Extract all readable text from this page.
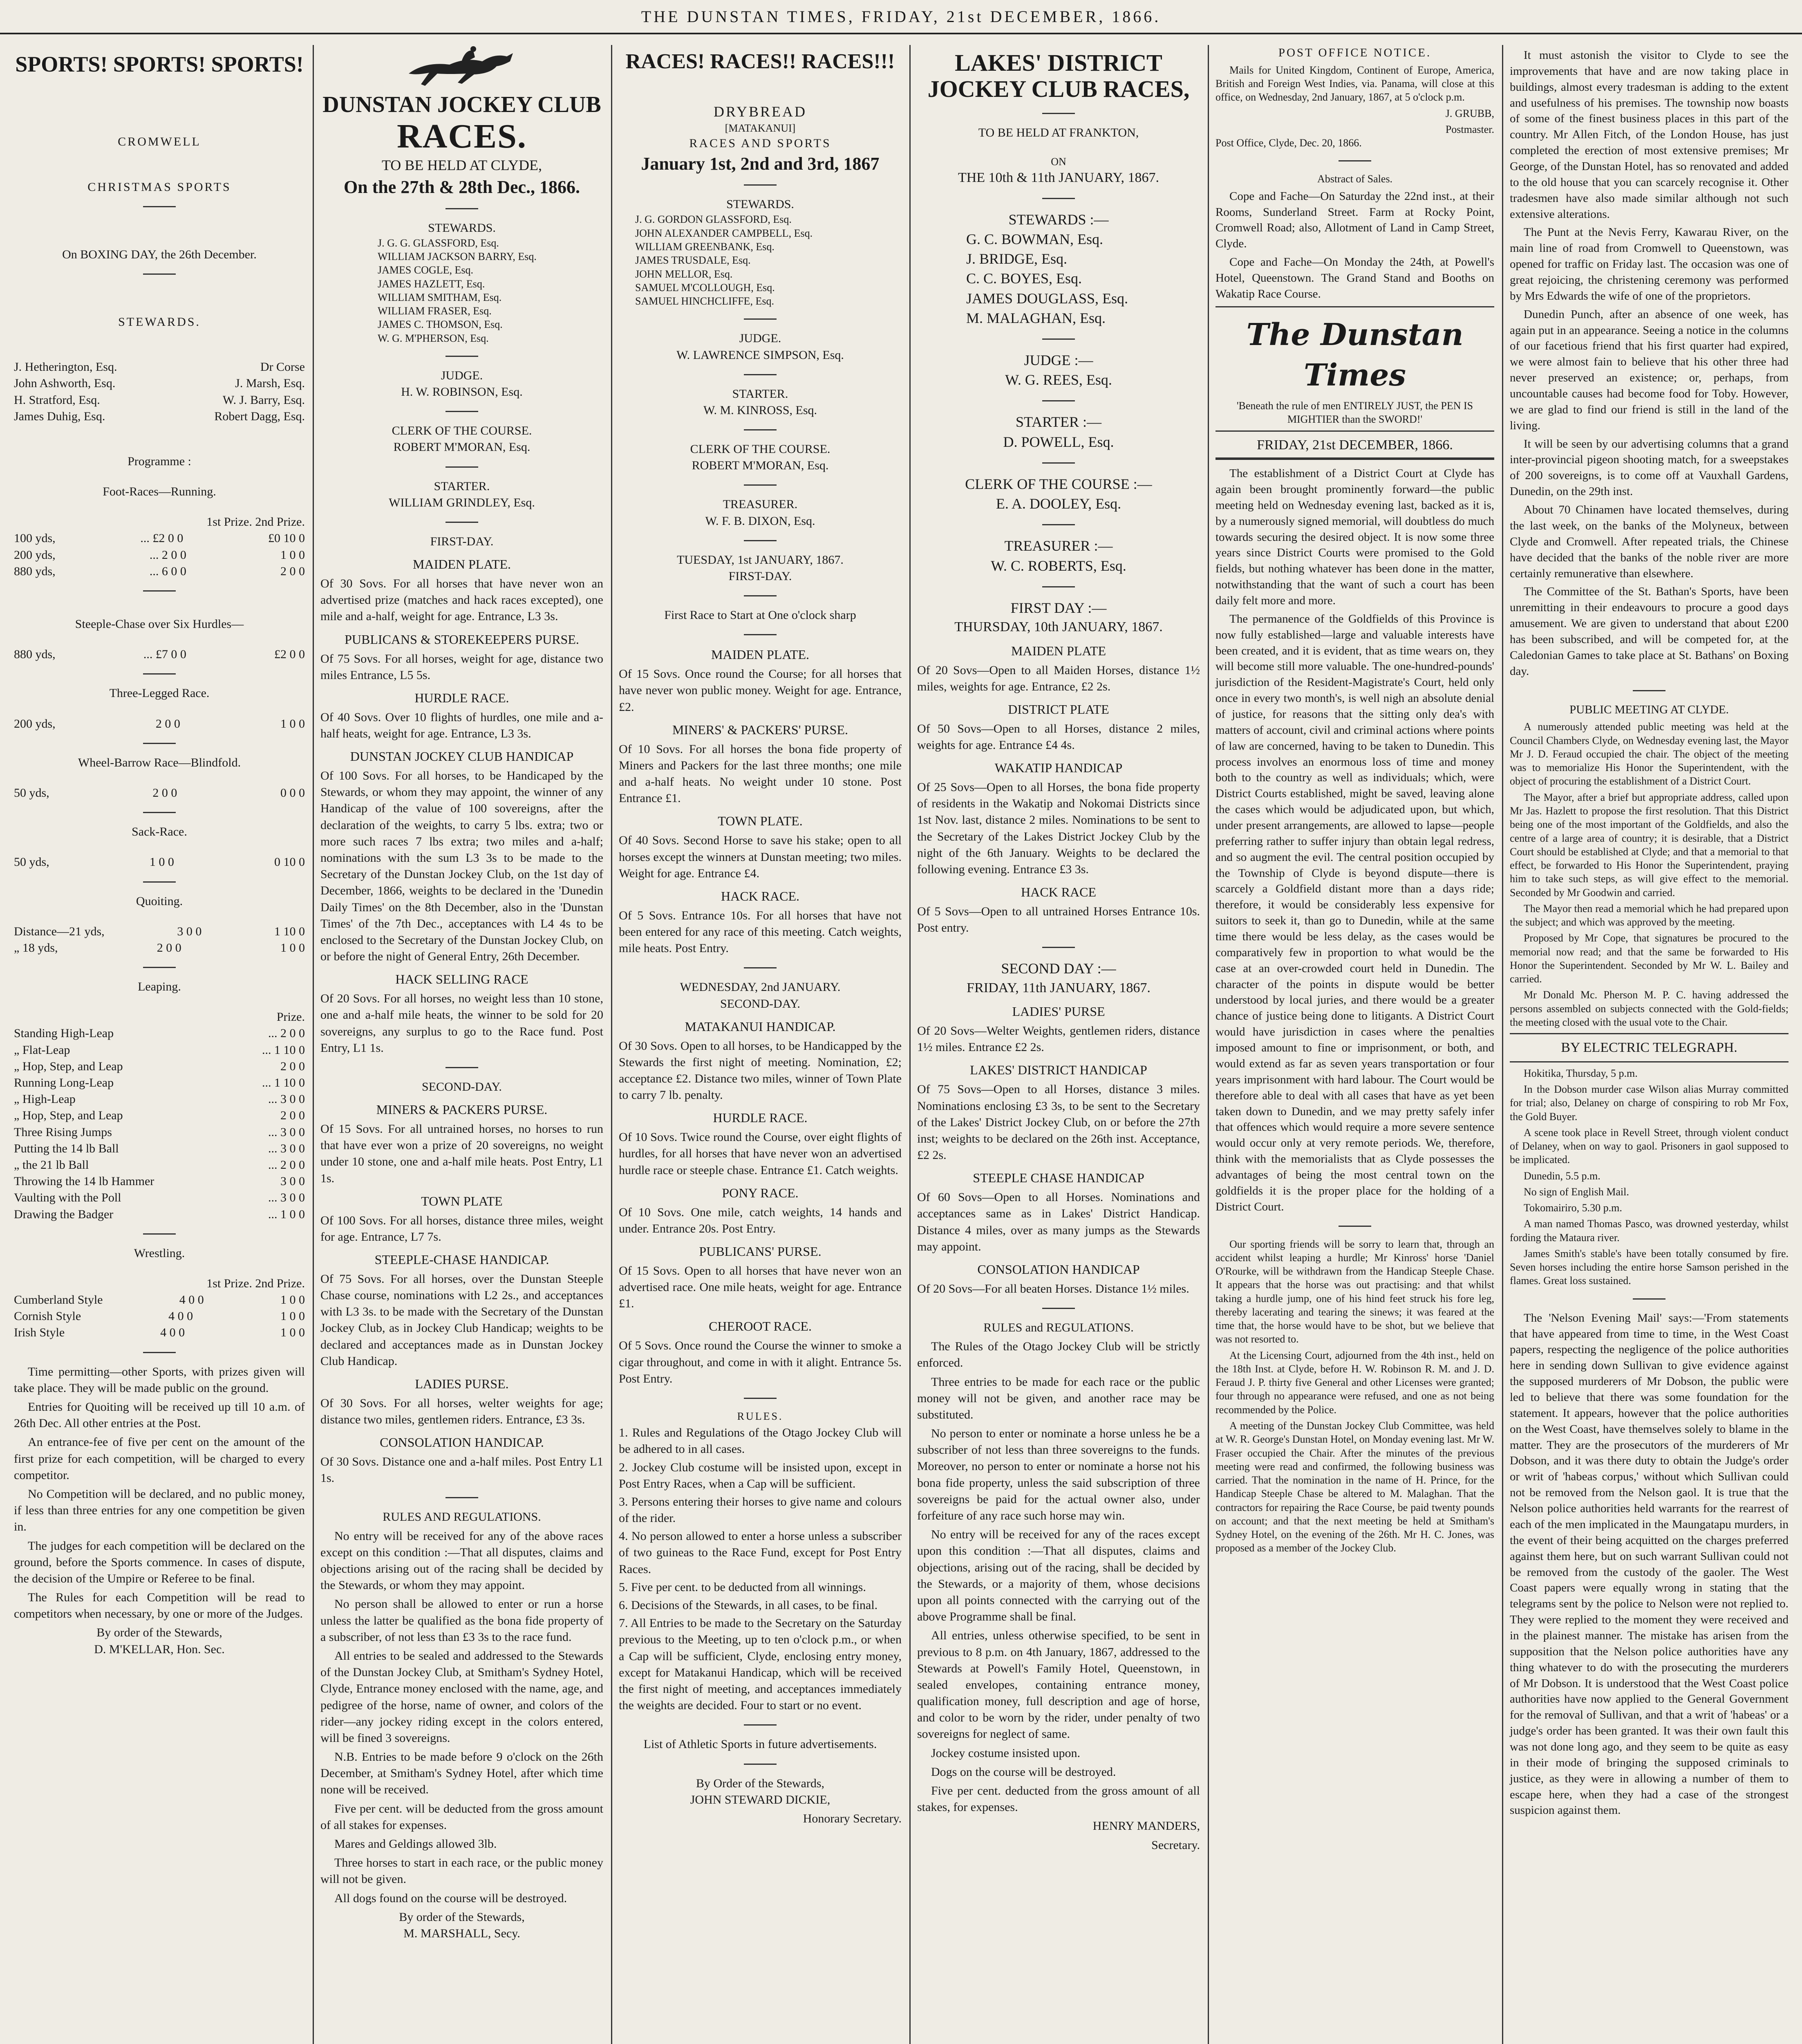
THE DUNSTAN TIMES, FRIDAY, 21st DECEMBER, 1866.
SPORTS! SPORTS! SPORTS!
CROMWELL
CHRISTMAS SPORTS
On BOXING DAY, the 26th December.
STEWARDS.
J. Hetherington, Esq.	Dr Corse
John Ashworth, Esq.	J. Marsh, Esq.
H. Stratford, Esq.	W. J. Barry, Esq.
James Duhig, Esq.	Robert Dagg, Esq.
Programme :
Foot-Races—Running.
1st Prize. 2nd Prize.
100 yds,	... £2 0 0	£0 10 0
200 yds,	... 2 0 0	1 0 0
880 yds,	... 6 0 0	2 0 0
Steeple-Chase over Six Hurdles—
880 yds,	... £7 0 0	£2 0 0
Three-Legged Race.
200 yds,	2 0 0	1 0 0
Wheel-Barrow Race—Blindfold.
50 yds,	2 0 0	0 0 0
Sack-Race.
50 yds,	1 0 0	0 10 0
Quoiting.
Distance—21 yds,	3 0 0	1 10 0
„ 18 yds,	2 0 0	1 0 0
Leaping.
Prize.
Standing High-Leap	... 2 0 0
„ Flat-Leap	... 1 10 0
„ Hop, Step, and Leap	2 0 0
Running Long-Leap	... 1 10 0
„ High-Leap	... 3 0 0
„ Hop, Step, and Leap	2 0 0
Three Rising Jumps	... 3 0 0
Putting the 14 lb Ball	... 3 0 0
„ the 21 lb Ball	... 2 0 0
Throwing the 14 lb Hammer	3 0 0
Vaulting with the Poll	... 3 0 0
Drawing the Badger	... 1 0 0
Wrestling.
1st Prize. 2nd Prize.
Cumberland Style	4 0 0	1 0 0
Cornish Style	4 0 0	1 0 0
Irish Style	4 0 0	1 0 0

Time permitting—other Sports, with prizes given will take place. They will be made public on the ground.

Entries for Quoiting will be received up till 10 a.m. of 26th Dec. All other entries at the Post.

An entrance-fee of five per cent on the amount of the first prize for each competition, will be charged to every competitor.

No Competition will be declared, and no public money, if less than three entries for any one competition be given in.

The judges for each competition will be declared on the ground, before the Sports commence. In cases of dispute, the decision of the Umpire or Referee to be final.

The Rules for each Competition will be read to competitors when necessary, by one or more of the Judges.

By order of the Stewards,
D. M'KELLAR, Hon. Sec.
DUNSTAN JOCKEY CLUB
RACES.
TO BE HELD AT CLYDE,
On the 27th & 28th Dec., 1866.
STEWARDS.
J. G. G. GLASSFORD, Esq.
WILLIAM JACKSON BARRY, Esq.
JAMES COGLE, Esq.
JAMES HAZLETT, Esq.
WILLIAM SMITHAM, Esq.
WILLIAM FRASER, Esq.
JAMES C. THOMSON, Esq.
W. G. M'PHERSON, Esq.
JUDGE.
H. W. ROBINSON, Esq.
CLERK OF THE COURSE.
ROBERT M'MORAN, Esq.
STARTER.
WILLIAM GRINDLEY, Esq.
FIRST-DAY.
MAIDEN PLATE.
Of 30 Sovs. For all horses that have never won an advertised prize (matches and hack races excepted), one mile and a-half, weight for age. Entrance, L3 3s.
PUBLICANS & STOREKEEPERS PURSE.
Of 75 Sovs. For all horses, weight for age, distance two miles Entrance, L5 5s.
HURDLE RACE.
Of 40 Sovs. Over 10 flights of hurdles, one mile and a-half heats, weight for age. Entrance, L3 3s.
DUNSTAN JOCKEY CLUB HANDICAP
Of 100 Sovs. For all horses, to be Handicaped by the Stewards, or whom they may appoint, the winner of any Handicap of the value of 100 sovereigns, after the declaration of the weights, to carry 5 lbs. extra; two or more such races 7 lbs extra; two miles and a-half; nominations with the sum L3 3s to be made to the Secretary of the Dunstan Jockey Club, on the 1st day of December, 1866, weights to be declared in the 'Dunedin Daily Times' on the 8th December, also in the 'Dunstan Times' of the 7th Dec., acceptances with L4 4s to be enclosed to the Secretary of the Dunstan Jockey Club, on or before the night of General Entry, 26th December.
HACK SELLING RACE
Of 20 Sovs. For all horses, no weight less than 10 stone, one and a-half mile heats, the winner to be sold for 20 sovereigns, any surplus to go to the Race fund. Post Entry, L1 1s.
SECOND-DAY.
MINERS & PACKERS PURSE.
Of 15 Sovs. For all untrained horses, no horses to run that have ever won a prize of 20 sovereigns, no weight under 10 stone, one and a-half mile heats. Post Entry, L1 1s.
TOWN PLATE
Of 100 Sovs. For all horses, distance three miles, weight for age. Entrance, L7 7s.
STEEPLE-CHASE HANDICAP.
Of 75 Sovs. For all horses, over the Dunstan Steeple Chase course, nominations with L2 2s., and acceptances with L3 3s. to be made with the Secretary of the Dunstan Jockey Club, as in Jockey Club Handicap; weights to be declared and acceptances made as in Dunstan Jockey Club Handicap.
LADIES PURSE.
Of 30 Sovs. For all horses, welter weights for age; distance two miles, gentlemen riders. Entrance, £3 3s.
CONSOLATION HANDICAP.
Of 30 Sovs. Distance one and a-half miles. Post Entry L1 1s.
RULES AND REGULATIONS.

No entry will be received for any of the above races except on this condition :—That all disputes, claims and objections arising out of the racing shall be decided by the Stewards, or whom they may appoint.

No person shall be allowed to enter or run a horse unless the latter be qualified as the bona fide property of a subscriber, of not less than £3 3s to the race fund.

All entries to be sealed and addressed to the Stewards of the Dunstan Jockey Club, at Smitham's Sydney Hotel, Clyde, Entrance money enclosed with the name, age, and pedigree of the horse, name of owner, and colors of the rider—any jockey riding except in the colors entered, will be fined 3 sovereigns.

N.B. Entries to be made before 9 o'clock on the 26th December, at Smitham's Sydney Hotel, after which time none will be received.

Five per cent. will be deducted from the gross amount of all stakes for expenses.

Mares and Geldings allowed 3lb.

Three horses to start in each race, or the public money will not be given.

All dogs found on the course will be destroyed.

By order of the Stewards,
M. MARSHALL, Secy.
RACES! RACES!! RACES!!!
DRYBREAD
[MATAKANUI]
RACES AND SPORTS
January 1st, 2nd and 3rd, 1867
STEWARDS.
J. G. GORDON GLASSFORD, Esq.
JOHN ALEXANDER CAMPBELL, Esq.
WILLIAM GREENBANK, Esq.
JAMES TRUSDALE, Esq.
JOHN MELLOR, Esq.
SAMUEL M'COLLOUGH, Esq.
SAMUEL HINCHCLIFFE, Esq.
JUDGE.
W. LAWRENCE SIMPSON, Esq.
STARTER.
W. M. KINROSS, Esq.
CLERK OF THE COURSE.
ROBERT M'MORAN, Esq.
TREASURER.
W. F. B. DIXON, Esq.
TUESDAY, 1st JANUARY, 1867.
FIRST-DAY.
First Race to Start at One o'clock sharp
MAIDEN PLATE.
Of 15 Sovs. Once round the Course; for all horses that have never won public money. Weight for age. Entrance, £2.
MINERS' & PACKERS' PURSE.
Of 10 Sovs. For all horses the bona fide property of Miners and Packers for the last three months; one mile and a-half heats. No weight under 10 stone. Post Entrance £1.
TOWN PLATE.
Of 40 Sovs. Second Horse to save his stake; open to all horses except the winners at Dunstan meeting; two miles. Weight for age. Entrance £4.
HACK RACE.
Of 5 Sovs. Entrance 10s. For all horses that have not been entered for any race of this meeting. Catch weights, mile heats. Post Entry.
WEDNESDAY, 2nd JANUARY.
SECOND-DAY.
MATAKANUI HANDICAP.
Of 30 Sovs. Open to all horses, to be Handicapped by the Stewards the first night of meeting. Nomination, £2; acceptance £2. Distance two miles, winner of Town Plate to carry 7 lb. penalty.
HURDLE RACE.
Of 10 Sovs. Twice round the Course, over eight flights of hurdles, for all horses that have never won an advertised hurdle race or steeple chase. Entrance £1. Catch weights.
PONY RACE.
Of 10 Sovs. One mile, catch weights, 14 hands and under. Entrance 20s. Post Entry.
PUBLICANS' PURSE.
Of 15 Sovs. Open to all horses that have never won an advertised race. One mile heats, weight for age. Entrance £1.
CHEROOT RACE.
Of 5 Sovs. Once round the Course the winner to smoke a cigar throughout, and come in with it alight. Entrance 5s. Post Entry.
RULES.
1. Rules and Regulations of the Otago Jockey Club will be adhered to in all cases.
2. Jockey Club costume will be insisted upon, except in Post Entry Races, when a Cap will be sufficient.
3. Persons entering their horses to give name and colours of the rider.
4. No person allowed to enter a horse unless a subscriber of two guineas to the Race Fund, except for Post Entry Races.
5. Five per cent. to be deducted from all winnings.
6. Decisions of the Stewards, in all cases, to be final.
7. All Entries to be made to the Secretary on the Saturday previous to the Meeting, up to ten o'clock p.m., or when a Cap will be sufficient, Clyde, enclosing entry money, except for Matakanui Handicap, which will be received the first night of meeting, and acceptances immediately the weights are decided. Four to start or no event.
List of Athletic Sports in future advertisements.
By Order of the Stewards,
JOHN STEWARD DICKIE,
Honorary Secretary.
LAKES' DISTRICT JOCKEY CLUB RACES,
TO BE HELD AT FRANKTON,
ON
THE 10th & 11th JANUARY, 1867.
STEWARDS :—
G. C. BOWMAN, Esq.
J. BRIDGE, Esq.
C. C. BOYES, Esq.
JAMES DOUGLASS, Esq.
M. MALAGHAN, Esq.
JUDGE :—
W. G. REES, Esq.
STARTER :—
D. POWELL, Esq.
CLERK OF THE COURSE :—
E. A. DOOLEY, Esq.
TREASURER :—
W. C. ROBERTS, Esq.
FIRST DAY :—
THURSDAY, 10th JANUARY, 1867.
MAIDEN PLATE
Of 20 Sovs—Open to all Maiden Horses, distance 1½ miles, weights for age. Entrance, £2 2s.
DISTRICT PLATE
Of 50 Sovs—Open to all Horses, distance 2 miles, weights for age. Entrance £4 4s.
WAKATIP HANDICAP
Of 25 Sovs—Open to all Horses, the bona fide property of residents in the Wakatip and Nokomai Districts since 1st Nov. last, distance 2 miles. Nominations to be sent to the Secretary of the Lakes District Jockey Club by the night of the 6th January. Weights to be declared the following evening. Entrance £3 3s.
HACK RACE
Of 5 Sovs—Open to all untrained Horses Entrance 10s. Post entry.
SECOND DAY :—
FRIDAY, 11th JANUARY, 1867.
LADIES' PURSE
Of 20 Sovs—Welter Weights, gentlemen riders, distance 1½ miles. Entrance £2 2s.
LAKES' DISTRICT HANDICAP
Of 75 Sovs—Open to all Horses, distance 3 miles. Nominations enclosing £3 3s, to be sent to the Secretary of the Lakes' District Jockey Club, on or before the 27th inst; weights to be declared on the 26th inst. Acceptance, £2 2s.
STEEPLE CHASE HANDICAP
Of 60 Sovs—Open to all Horses. Nominations and acceptances same as in Lakes' District Handicap. Distance 4 miles, over as many jumps as the Stewards may appoint.
CONSOLATION HANDICAP
Of 20 Sovs—For all beaten Horses. Distance 1½ miles.
RULES and REGULATIONS.

The Rules of the Otago Jockey Club will be strictly enforced.

Three entries to be made for each race or the public money will not be given, and another race may be substituted.

No person to enter or nominate a horse unless he be a subscriber of not less than three sovereigns to the funds. Moreover, no person to enter or nominate a horse not his bona fide property, unless the said subscription of three sovereigns be paid for the actual owner also, under forfeiture of any race such horse may win.

No entry will be received for any of the races except upon this condition :—That all disputes, claims and objections, arising out of the racing, shall be decided by the Stewards, or a majority of them, whose decisions upon all points connected with the carrying out of the above Programme shall be final.

All entries, unless otherwise specified, to be sent in previous to 8 p.m. on 4th January, 1867, addressed to the Stewards at Powell's Family Hotel, Queenstown, in sealed envelopes, containing entrance money, qualification money, full description and age of horse, and color to be worn by the rider, under penalty of two sovereigns for neglect of same.

Jockey costume insisted upon.

Dogs on the course will be destroyed.

Five per cent. deducted from the gross amount of all stakes, for expenses.

HENRY MANDERS,
Secretary.
POST OFFICE NOTICE.

Mails for United Kingdom, Continent of Europe, America, British and Foreign West Indies, via. Panama, will close at this office, on Wednesday, 2nd January, 1867, at 5 o'clock p.m.

J. GRUBB,
Postmaster.
Post Office, Clyde, Dec. 20, 1866.
Abstract of Sales.

Cope and Fache—On Saturday the 22nd inst., at their Rooms, Sunderland Street. Farm at Rocky Point, Cromwell Road; also, Allotment of Land in Camp Street, Clyde.

Cope and Fache—On Monday the 24th, at Powell's Hotel, Queenstown. The Grand Stand and Booths on Wakatip Race Course.

The Dunstan Times
'Beneath the rule of men ENTIRELY JUST, the PEN IS MIGHTIER than the SWORD!'
FRIDAY, 21st DECEMBER, 1866.

The establishment of a District Court at Clyde has again been brought prominently forward—the public meeting held on Wednesday evening last, backed as it is, by a numerously signed memorial, will doubtless do much towards securing the desired object. It is now some three years since District Courts were promised to the Gold fields, but nothing whatever has been done in the matter, notwithstanding that the want of such a court has been daily felt more and more.

The permanence of the Goldfields of this Province is now fully established—large and valuable interests have been created, and it is evident, that as time wears on, they will become still more valuable. The one-hundred-pounds' jurisdiction of the Resident-Magistrate's Court, held only once in every two month's, is well nigh an absolute denial of justice, for reasons that the sitting only dea's with matters of account, civil and criminal actions where points of law are concerned, having to be taken to Dunedin. This process involves an enormous loss of time and money both to the country as well as individuals; which, were District Courts established, might be saved, leaving alone the cases which would be adjudicated upon, but which, under present arrangements, are allowed to lapse—people preferring rather to suffer injury than obtain legal redress, and so augment the evil. The central position occupied by the Township of Clyde is beyond dispute—there is scarcely a Goldfield distant more than a days ride; therefore, it would be considerably less expensive for suitors to seek it, than go to Dunedin, while at the same time there would be less delay, as the cases would be comparatively few in proportion to what would be the case at an over-crowded court held in Dunedin. The character of the points in dispute would be better understood by local juries, and there would be a greater chance of justice being done to litigants. A District Court would have jurisdiction in cases where the penalties imposed amount to fine or imprisonment, or both, and would extend as far as seven years transportation or four years imprisonment with hard labour. The Court would be therefore able to deal with all cases that have as yet been taken down to Dunedin, and we may pretty safely infer that offences which would require a more severe sentence would occur only at very remote periods. We, therefore, think with the memorialists that as Clyde possesses the advantages of being the most central town on the goldfields it is the proper place for the holding of a District Court.

Our sporting friends will be sorry to learn that, through an accident whilst leaping a hurdle; Mr Kinross' horse 'Daniel O'Rourke, will be withdrawn from the Handicap Steeple Chase. It appears that the horse was out practising: and that whilst taking a hurdle jump, one of his hind feet struck his fore leg, thereby lacerating and tearing the sinews; it was feared at the time that, the horse would have to be shot, but we believe that was not resorted to.

At the Licensing Court, adjourned from the 4th inst., held on the 18th Inst. at Clyde, before H. W. Robinson R. M. and J. D. Feraud J. P. thirty five General and other Licenses were granted; four through no appearance were refused, and one as not being recommended by the Police.

A meeting of the Dunstan Jockey Club Committee, was held at W. R. George's Dunstan Hotel, on Monday evening last. Mr W. Fraser occupied the Chair. After the minutes of the previous meeting were read and confirmed, the following business was carried. That the nomination in the name of H. Prince, for the Handicap Steeple Chase be altered to M. Malaghan. That the contractors for repairing the Race Course, be paid twenty pounds on account; and that the next meeting be held at Smitham's Sydney Hotel, on the evening of the 26th. Mr H. C. Jones, was proposed as a member of the Jockey Club.

It must astonish the visitor to Clyde to see the improvements that have and are now taking place in buildings, almost every tradesman is adding to the extent and usefulness of his premises. The township now boasts of some of the finest business places in this part of the country. Mr Allen Fitch, of the London House, has just completed the erection of most extensive premises; Mr George, of the Dunstan Hotel, has so renovated and added to the old house that you can scarcely recognise it. Other tradesmen have also made similar although not such extensive alterations.

The Punt at the Nevis Ferry, Kawarau River, on the main line of road from Cromwell to Queenstown, was opened for traffic on Friday last. The occasion was one of great rejoicing, the christening ceremony was performed by Mrs Edwards the wife of one of the proprietors.

Dunedin Punch, after an absence of one week, has again put in an appearance. Seeing a notice in the columns of our facetious friend that his first quarter had expired, we were almost fain to believe that his other three had never preserved an existence; or, perhaps, from uncountable causes had become food for Toby. However, we are glad to find our friend is still in the land of the living.

It will be seen by our advertising columns that a grand inter-provincial pigeon shooting match, for a sweepstakes of 200 sovereigns, is to come off at Vauxhall Gardens, Dunedin, on the 29th inst.

About 70 Chinamen have located themselves, during the last week, on the banks of the Molyneux, between Clyde and Cromwell. After repeated trials, the Chinese have decided that the banks of the noble river are more certainly remunerative than elsewhere.

The Committee of the St. Bathan's Sports, have been unremitting in their endeavours to procure a good days amusement. We are given to understand that about £200 has been subscribed, and will be competed for, at the Caledonian Games to take place at St. Bathans' on Boxing day.

PUBLIC MEETING AT CLYDE.

A numerously attended public meeting was held at the Council Chambers Clyde, on Wednesday evening last, the Mayor Mr J. D. Feraud occupied the chair. The object of the meeting was to memorialize His Honor the Superintendent, with the object of procuring the establishment of a District Court.

The Mayor, after a brief but appropriate address, called upon Mr Jas. Hazlett to propose the first resolution. That this District being one of the most important of the Goldfields, and also the centre of a large area of country; it is desirable, that a District Court should be established at Clyde; and that a memorial to that effect, be forwarded to His Honor the Superintendent, praying him to take such steps, as will give effect to the memorial. Seconded by Mr Goodwin and carried.

The Mayor then read a memorial which he had prepared upon the subject; and which was approved by the meeting.

Proposed by Mr Cope, that signatures be procured to the memorial now read; and that the same be forwarded to His Honor the Superintendent. Seconded by Mr W. L. Bailey and carried.

Mr Donald Mc. Pherson M. P. C. having addressed the persons assembled on subjects connected with the Gold-fields; the meeting closed with the usual vote to the Chair.

BY ELECTRIC TELEGRAPH.

Hokitika, Thursday, 5 p.m.

In the Dobson murder case Wilson alias Murray committed for trial; also, Delaney on charge of conspiring to rob Mr Fox, the Gold Buyer.

A scene took place in Revell Street, through violent conduct of Delaney, when on way to gaol. Prisoners in gaol supposed to be implicated.

Dunedin, 5.5 p.m.

No sign of English Mail.

Tokomairiro, 5.30 p.m.

A man named Thomas Pasco, was drowned yesterday, whilst fording the Mataura river.

James Smith's stable's have been totally consumed by fire. Seven horses including the entire horse Samson perished in the flames. Great loss sustained.

The 'Nelson Evening Mail' says:—'From statements that have appeared from time to time, in the West Coast papers, respecting the negligence of the police authorities here in sending down Sullivan to give evidence against the supposed murderers of Mr Dobson, the public were led to believe that there was some foundation for the statement. It appears, however that the police authorities on the West Coast, have themselves solely to blame in the matter. They are the prosecutors of the murderers of Mr Dobson, and it was there duty to obtain the Judge's order or writ of 'habeas corpus,' without which Sullivan could not be removed from the Nelson gaol. It is true that the Nelson police authorities held warrants for the rearrest of each of the men implicated in the Maungatapu murders, in the event of their being acquitted on the charges preferred against them here, but on such warrant Sullivan could not be removed from the custody of the gaoler. The West Coast papers were equally wrong in stating that the telegrams sent by the police to Nelson were not replied to. They were replied to the moment they were received and in the plainest manner. The mistake has arisen from the supposition that the Nelson police authorities have any thing whatever to do with the prosecuting the murderers of Mr Dobson. It is understood that the West Coast police authorities have now applied to the General Government for the removal of Sullivan, and that a writ of 'habeas' or a judge's order has been granted. It was their own fault this was not done long ago, and they seem to be quite as easy in their mode of bringing the supposed criminals to justice, as they were in allowing a number of them to escape here, when they had a case of the strongest suspicion against them.
